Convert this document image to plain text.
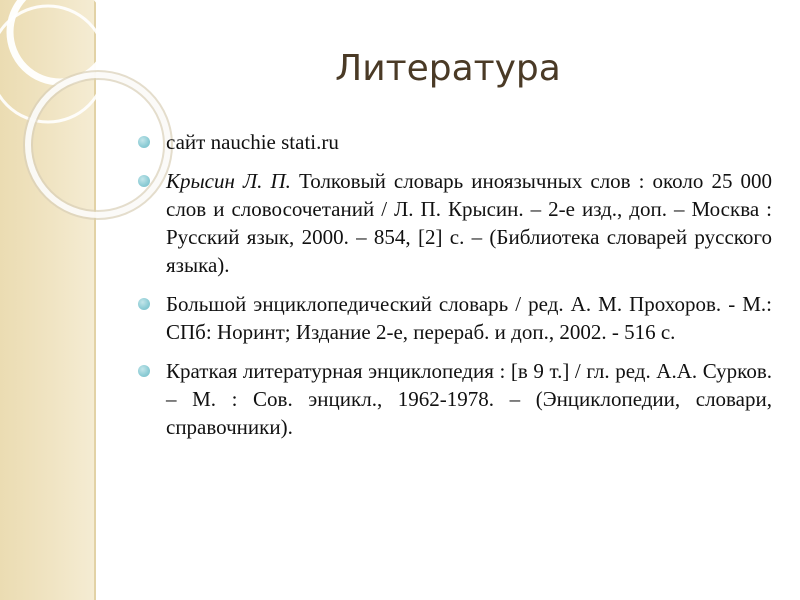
Литература
сайт nauchie stati.ru
Крысин Л. П. Толковый словарь иноязычных слов : около 25 000 слов и словосочетаний / Л. П. Крысин. – 2-е изд., доп. – Москва : Русский язык, 2000. – 854, [2] с. – (Библиотека словарей русского языка).
Большой энциклопедический словарь / ред. А. М. Прохоров. - М.: СПб: Норинт; Издание 2-е, перераб. и доп., 2002. - 516 с.
Краткая литературная энциклопедия : [в 9 т.] / гл. ред. А.А. Сурков. – М. : Сов. энцикл., 1962-1978. – (Энциклопедии, словари, справочники).
